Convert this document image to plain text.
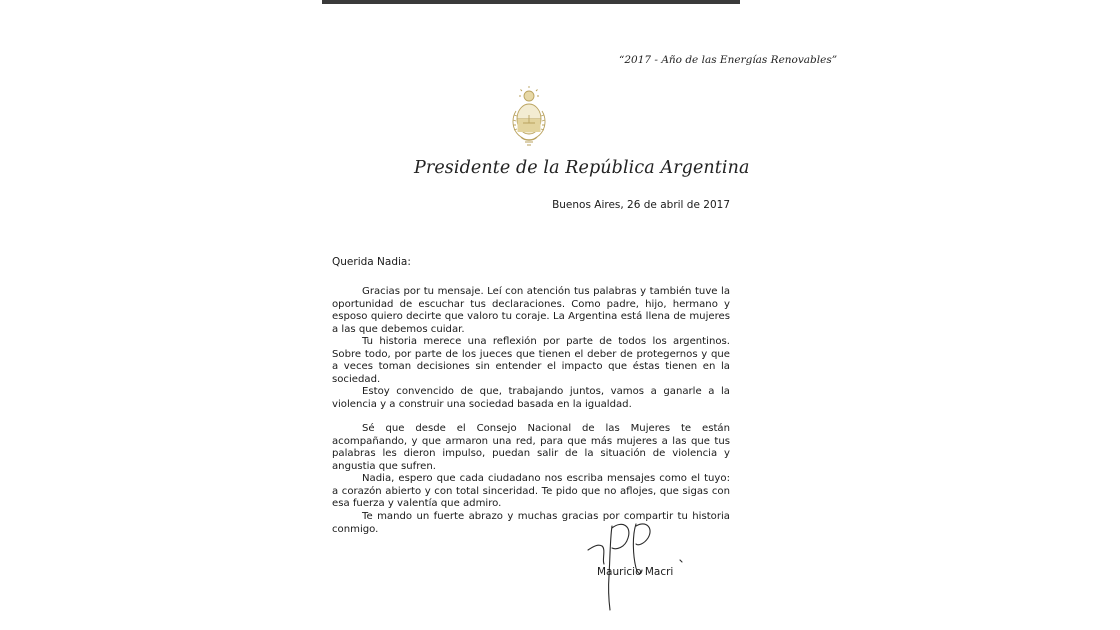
“2017 - Año de las Energías Renovables”
Presidente de la República Argentina
Buenos Aires, 26 de abril de 2017
Querida Nadia:

Gracias por tu mensaje. Leí con atención tus palabras y también tuve la oportunidad de escuchar tus declaraciones. Como padre, hijo, hermano y esposo quiero decirte que valoro tu coraje. La Argentina está llena de mujeres a las que debemos cuidar.

Tu historia merece una reflexión por parte de todos los argentinos. Sobre todo, por parte de los jueces que tienen el deber de protegernos y que a veces toman decisiones sin entender el impacto que éstas tienen en la sociedad.

Estoy convencido de que, trabajando juntos, vamos a ganarle a la violencia y a construir una sociedad basada en la igualdad.

Sé que desde el Consejo Nacional de las Mujeres te están acompañando, y que armaron una red, para que más mujeres a las que tus palabras les dieron impulso, puedan salir de la situación de violencia y angustia que sufren.

Nadia, espero que cada ciudadano nos escriba mensajes como el tuyo: a corazón abierto y con total sinceridad. Te pido que no aflojes, que sigas con esa fuerza y valentía que admiro.

Te mando un fuerte abrazo y muchas gracias por compartir tu historia conmigo.

Mauricio Macri
